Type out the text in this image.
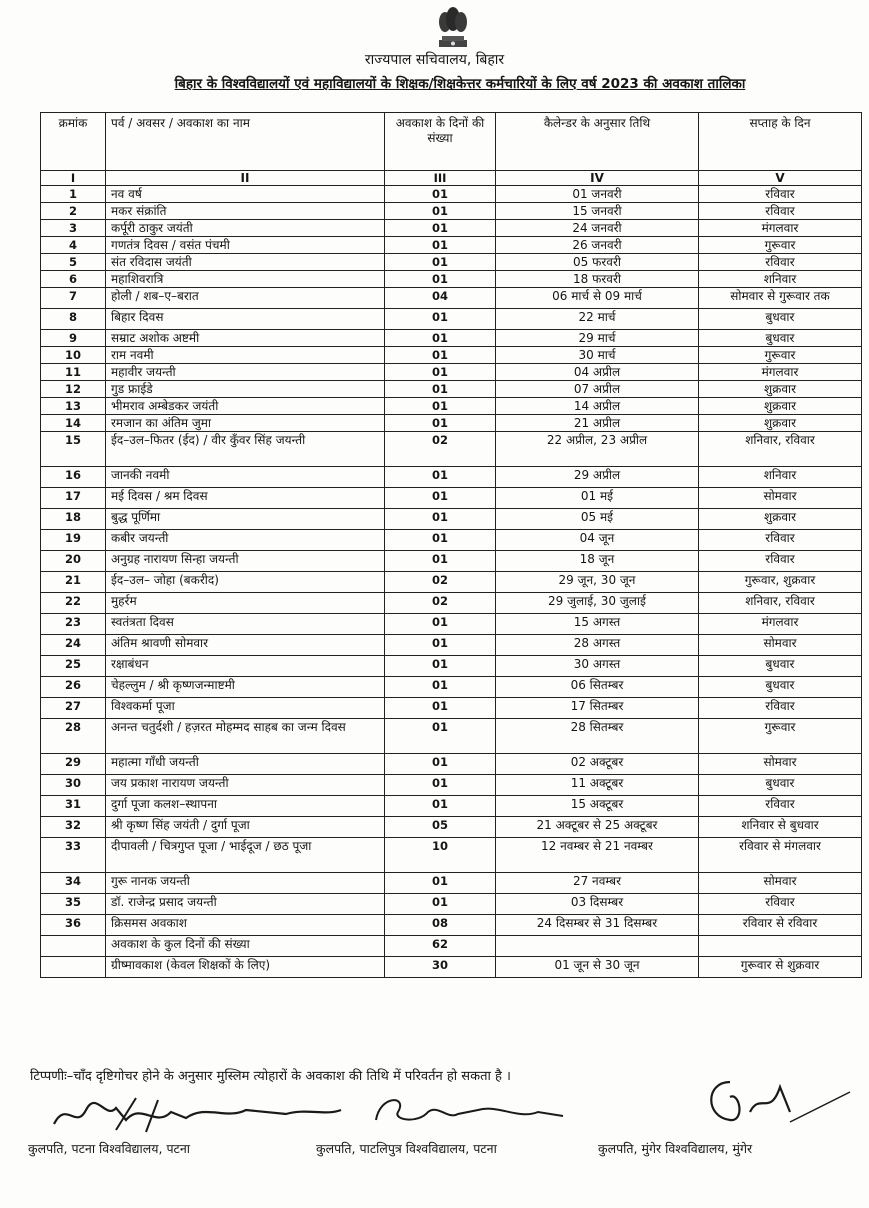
राज्यपाल सचिवालय, बिहार
बिहार के विश्वविद्यालयों एवं महाविद्यालयों के शिक्षक/शिक्षकेत्तर कर्मचारियों के लिए वर्ष 2023 की अवकाश तालिका
क्रमांक	पर्व / अवसर / अवकाश का नाम	अवकाश के दिनों की संख्या	कैलेन्डर के अनुसार तिथि	सप्ताह के दिन
I	II	III	IV	V
1	नव वर्ष	01	01 जनवरी	रविवार
2	मकर संक्रांति	01	15 जनवरी	रविवार
3	कर्पूरी ठाकुर जयंती	01	24 जनवरी	मंगलवार
4	गणतंत्र दिवस / वसंत पंचमी	01	26 जनवरी	गुरूवार
5	संत रविदास जयंती	01	05 फरवरी	रविवार
6	महाशिवरात्रि	01	18 फरवरी	शनिवार
7	होली / शब–ए–बरात	04	06 मार्च से 09 मार्च	सोमवार से गुरूवार तक
8	बिहार दिवस	01	22 मार्च	बुधवार
9	सम्राट अशोक अष्टमी	01	29 मार्च	बुधवार
10	राम नवमी	01	30 मार्च	गुरूवार
11	महावीर जयन्ती	01	04 अप्रील	मंगलवार
12	गुड फ्राईडे	01	07 अप्रील	शुक्रवार
13	भीमराव अम्बेडकर जयंती	01	14 अप्रील	शुक्रवार
14	रमजान का अंतिम जुमा	01	21 अप्रील	शुक्रवार
15	ईद–उल–फितर (ईद) / वीर कुँवर सिंह जयन्ती	02	22 अप्रील, 23 अप्रील	शनिवार, रविवार
16	जानकी नवमी	01	29 अप्रील	शनिवार
17	मई दिवस / श्रम दिवस	01	01 मई	सोमवार
18	बुद्ध पूर्णिमा	01	05 मई	शुक्रवार
19	कबीर जयन्ती	01	04 जून	रविवार
20	अनुग्रह नारायण सिन्हा जयन्ती	01	18 जून	रविवार
21	ईद–उल– जोहा (बकरीद)	02	29 जून, 30 जून	गुरूवार, शुक्रवार
22	मुहर्रम	02	29 जुलाई, 30 जुलाई	शनिवार, रविवार
23	स्वतंत्रता दिवस	01	15 अगस्त	मंगलवार
24	अंतिम श्रावणी सोमवार	01	28 अगस्त	सोमवार
25	रक्षाबंधन	01	30 अगस्त	बुधवार
26	चेहल्लुम / श्री कृष्णजन्माष्टमी	01	06 सितम्बर	बुधवार
27	विश्वकर्मा पूजा	01	17 सितम्बर	रविवार
28	अनन्त चतुर्दशी / हज़रत मोहम्मद साहब का जन्म दिवस	01	28 सितम्बर	गुरूवार
29	महात्मा गाँधी जयन्ती	01	02 अक्टूबर	सोमवार
30	जय प्रकाश नारायण जयन्ती	01	11 अक्टूबर	बुधवार
31	दुर्गा पूजा कलश–स्थापना	01	15 अक्टूबर	रविवार
32	श्री कृष्ण सिंह जयंती / दुर्गा पूजा	05	21 अक्टूबर से 25 अक्टूबर	शनिवार से बुधवार
33	दीपावली / चित्रगुप्त पूजा / भाईदूज / छठ पूजा	10	12 नवम्बर से 21 नवम्बर	रविवार से मंगलवार
34	गुरू नानक जयन्ती	01	27 नवम्बर	सोमवार
35	डॉ. राजेन्द्र प्रसाद जयन्ती	01	03 दिसम्बर	रविवार
36	क्रिसमस अवकाश	08	24 दिसम्बर से 31 दिसम्बर	रविवार से रविवार
	अवकाश के कुल दिनों की संख्या	62		
	ग्रीष्मावकाश (केवल शिक्षकों के लिए)	30	01 जून से 30 जून	गुरूवार से शुक्रवार
टिप्पणीः–चाँद दृष्टिगोचर होने के अनुसार मुस्लिम त्योहारों के अवकाश की तिथि में परिवर्तन हो सकता है ।
कुलपति, पटना विश्वविद्यालय, पटना	कुलपति, पाटलिपुत्र विश्वविद्यालय, पटना	कुलपति, मुंगेर विश्वविद्यालय, मुंगेर
